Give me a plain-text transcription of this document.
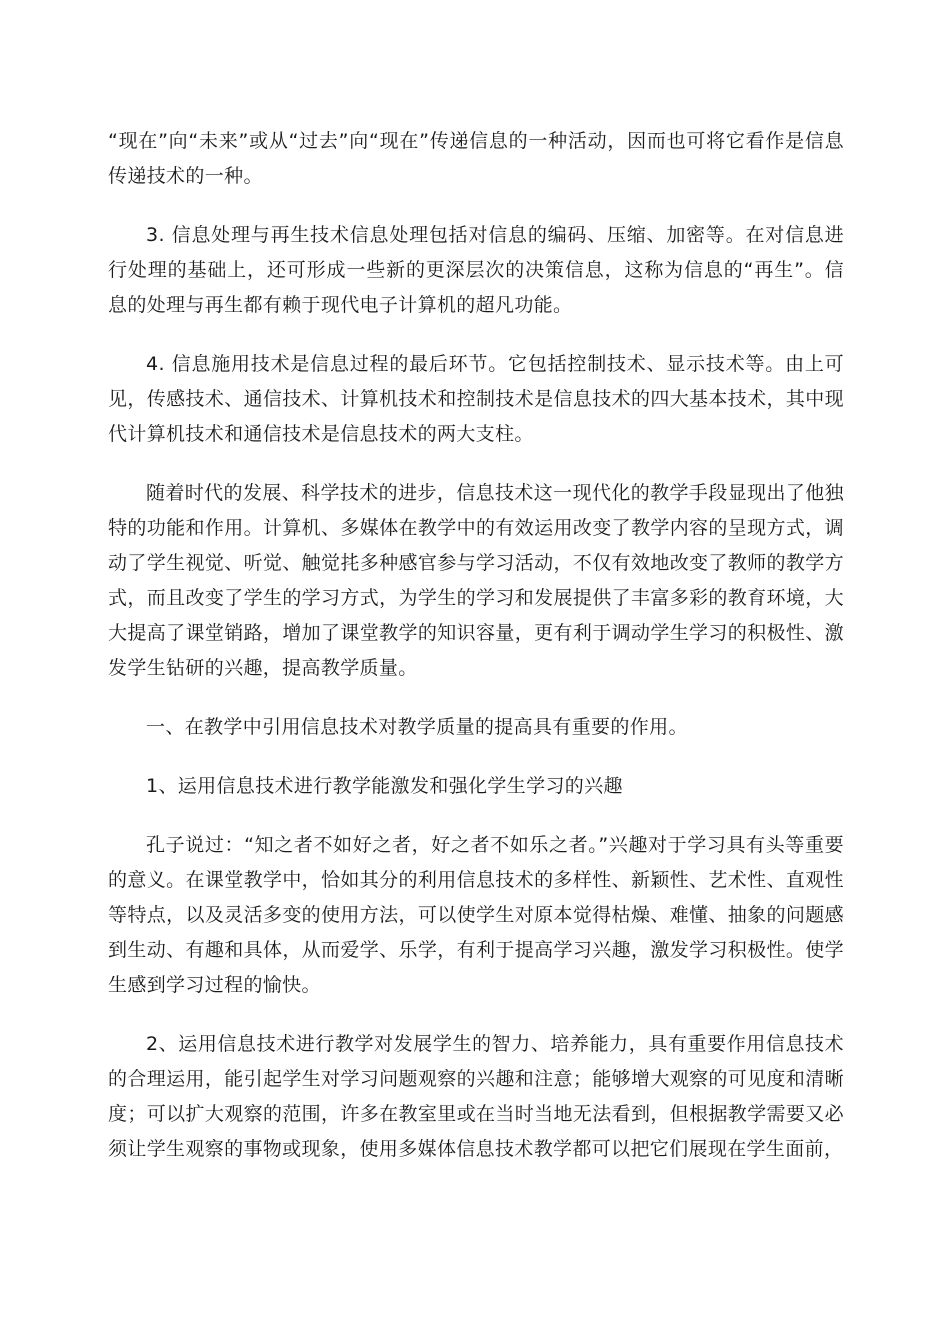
“现在”向“未来”或从“过去”向“现在”传递信息的一种活动，因而也可将它看作是信息传递技术的一种。

3. 信息处理与再生技术信息处理包括对信息的编码、压缩、加密等。在对信息进行处理的基础上，还可形成一些新的更深层次的决策信息，这称为信息的“再生”。信息的处理与再生都有赖于现代电子计算机的超凡功能。

4. 信息施用技术是信息过程的最后环节。它包括控制技术、显示技术等。由上可见，传感技术、通信技术、计算机技术和控制技术是信息技术的四大基本技术，其中现代计算机技术和通信技术是信息技术的两大支柱。

随着时代的发展、科学技术的进步，信息技术这一现代化的教学手段显现出了他独特的功能和作用。计算机、多媒体在教学中的有效运用改变了教学内容的呈现方式，调动了学生视觉、听觉、触觉扥多种感官参与学习活动，不仅有效地改变了教师的教学方式，而且改变了学生的学习方式，为学生的学习和发展提供了丰富多彩的教育环境，大大提高了课堂销路，增加了课堂教学的知识容量，更有利于调动学生学习的积极性、激发学生钻研的兴趣，提高教学质量。

一、在教学中引用信息技术对教学质量的提高具有重要的作用。

1、运用信息技术进行教学能激发和强化学生学习的兴趣

孔子说过：“知之者不如好之者，好之者不如乐之者。”兴趣对于学习具有头等重要的意义。在课堂教学中，恰如其分的利用信息技术的多样性、新颖性、艺术性、直观性等特点，以及灵活多变的使用方法，可以使学生对原本觉得枯燥、难懂、抽象的问题感到生动、有趣和具体，从而爱学、乐学，有利于提高学习兴趣，激发学习积极性。使学生感到学习过程的愉快。

2、运用信息技术进行教学对发展学生的智力、培养能力，具有重要作用信息技术的合理运用，能引起学生对学习问题观察的兴趣和注意；能够增大观察的可见度和清晰度；可以扩大观察的范围，许多在教室里或在当时当地无法看到，但根据教学需要又必须让学生观察的事物或现象，使用多媒体信息技术教学都可以把它们展现在学生面前，
